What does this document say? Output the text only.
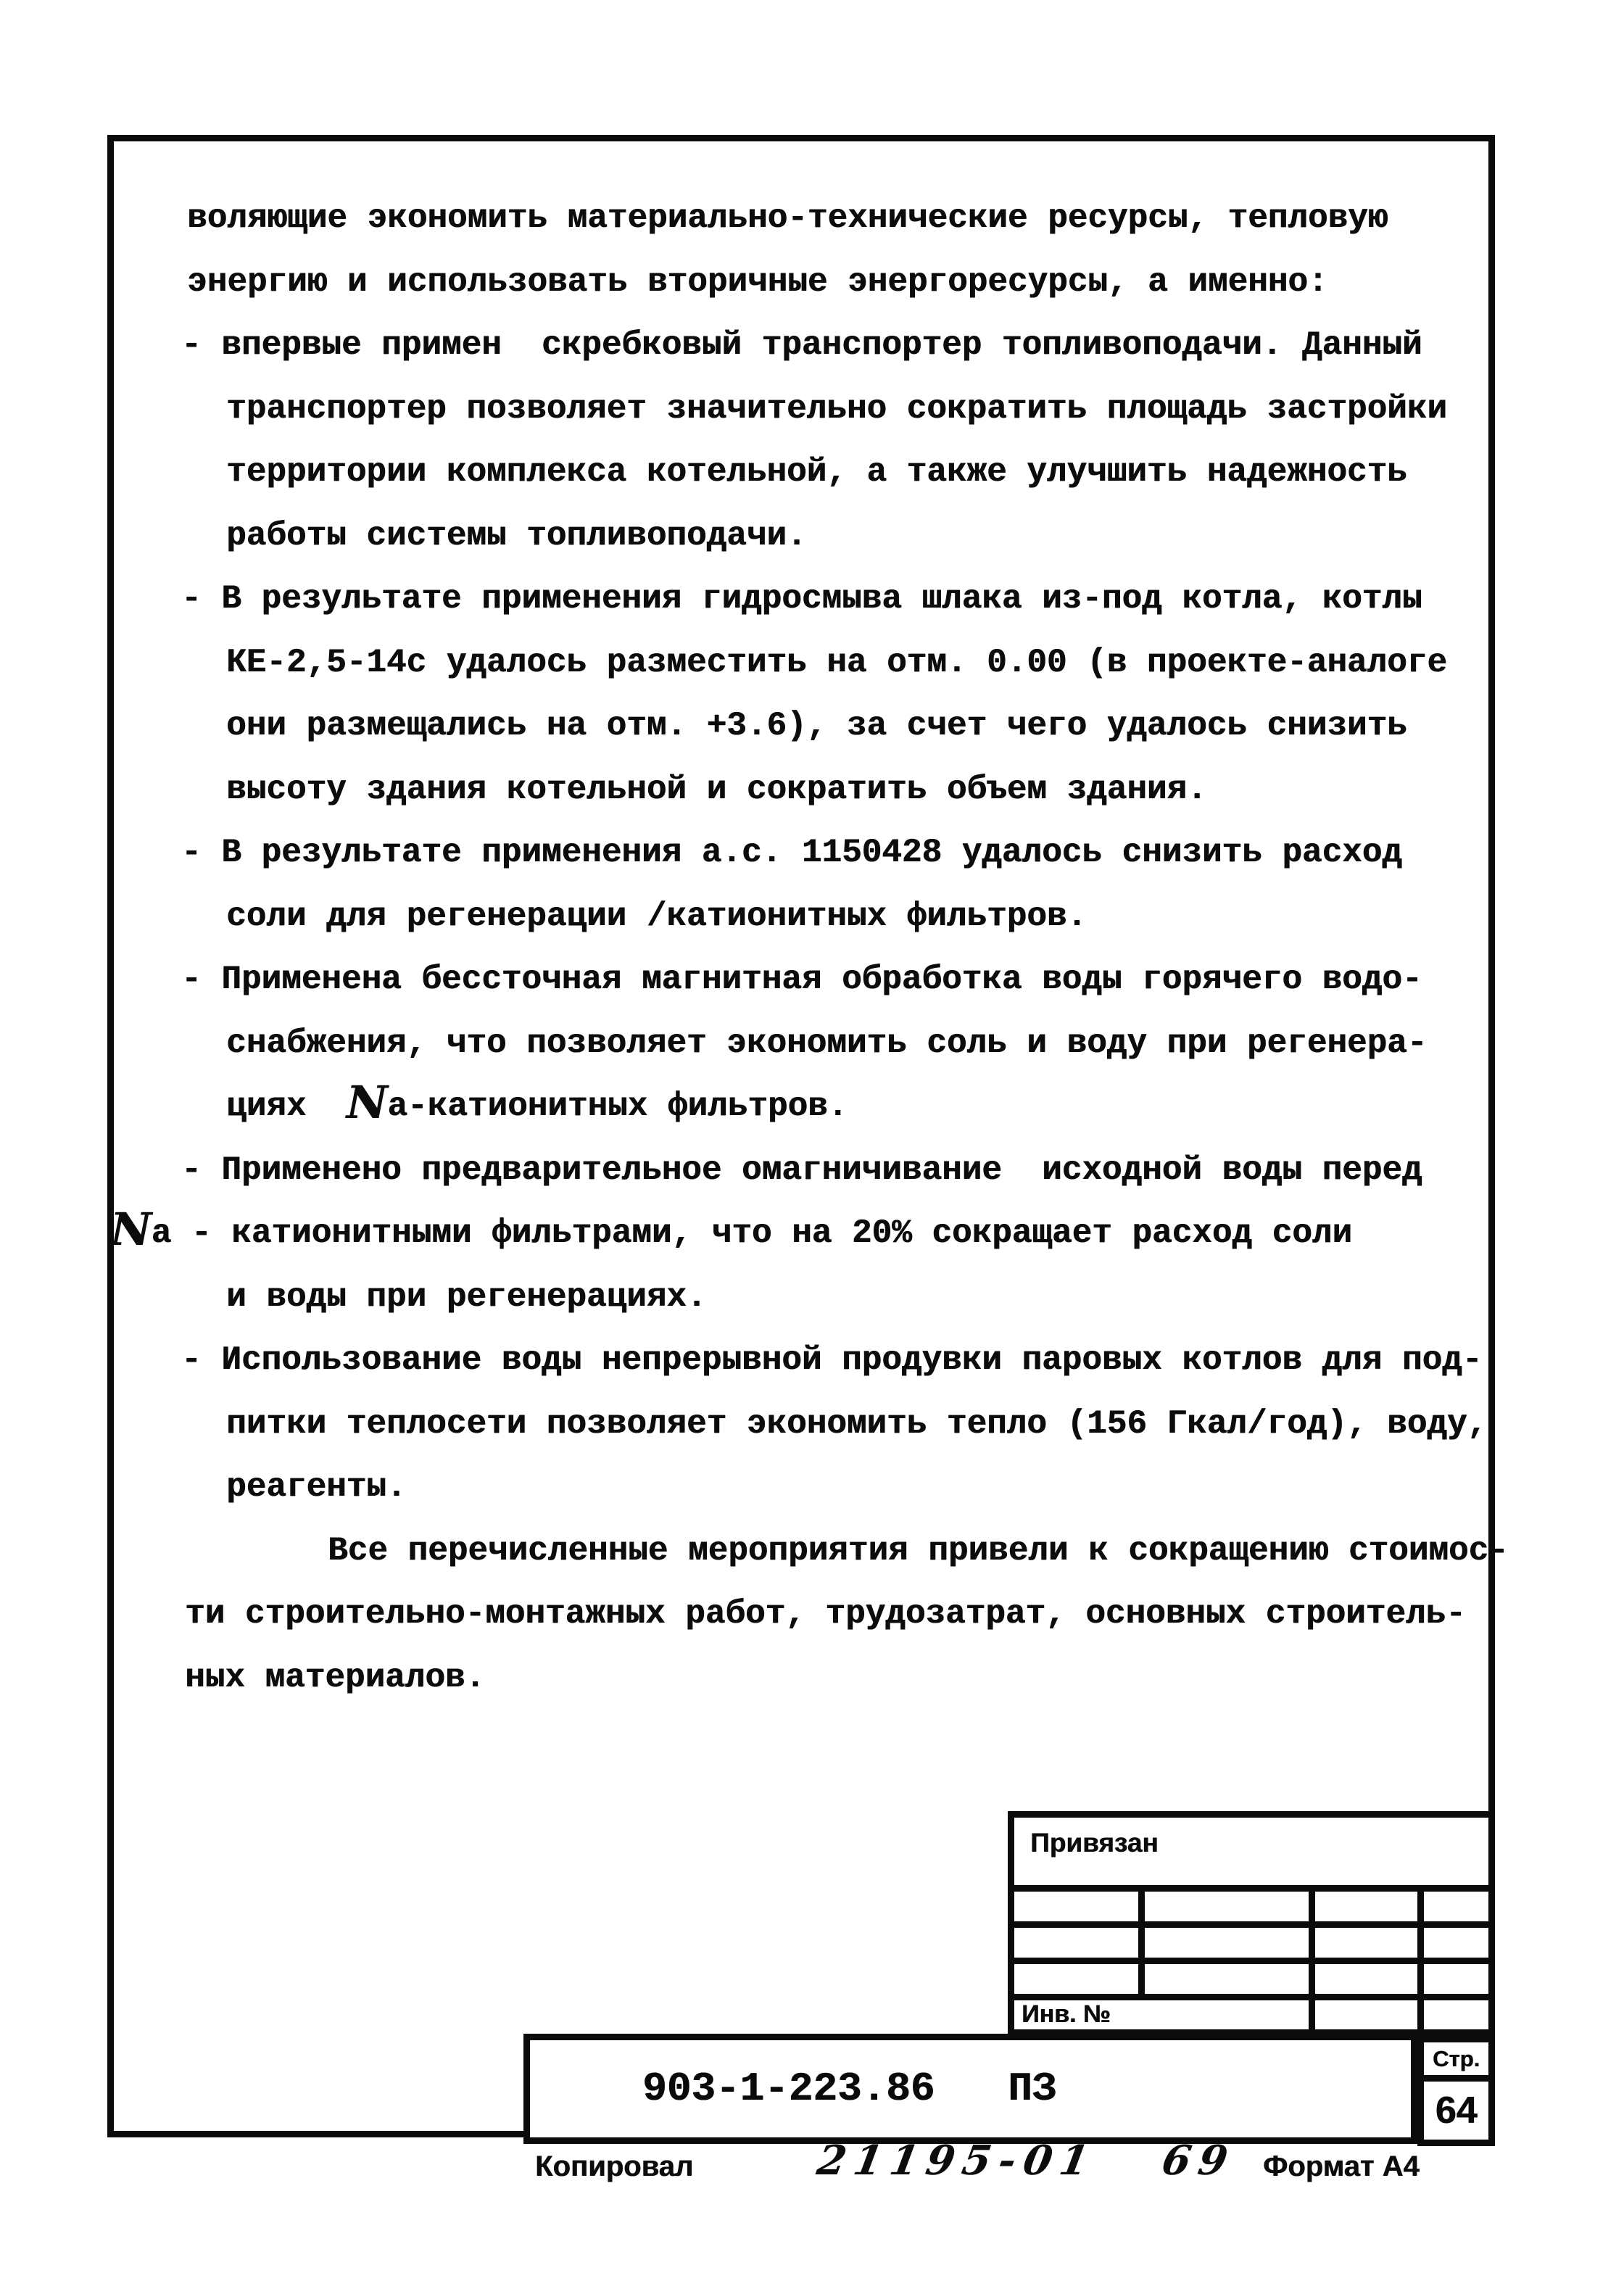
воляющие экономить материально-технические ресурсы, тепловую
энергию и использовать вторичные энергоресурсы, а именно:
- впервые примен  скребковый транспортер топливоподачи. Данный
транспортер позволяет значительно сократить площадь застройки
территории комплекса котельной, а также улучшить надежность
работы системы топливоподачи.
- В результате применения гидросмыва шлака из-под котла, котлы
КЕ-2,5-14с удалось разместить на отм. 0.00 (в проекте-аналоге
они размещались на отм. +3.6), за счет чего удалось снизить
высоту здания котельной и сократить объем здания.
- В результате применения а.с. 1150428 удалось снизить расход
соли для регенерации /катионитных фильтров.
- Применена бессточная магнитная обработка воды горячего водо-
снабжения, что позволяет экономить соль и воду при регенера-
циях  Nа-катионитных фильтров.
- Применено предварительное омагничивание  исходной воды перед
Nа - катионитными фильтрами, что на 20% сокращает расход соли
и воды при регенерациях.
- Использование воды непрерывной продувки паровых котлов для под-
питки теплосети позволяет экономить тепло (156 Гкал/год), воду,
реагенты.
Все перечисленные мероприятия привели к сокращению стоимос-
ти строительно-монтажных работ, трудозатрат, основных строитель-
ных материалов.
Привязан
Инв. №
903-1-223.86   ПЗ
Стр.
64
Копировал	21195-01   69 Формат А4
